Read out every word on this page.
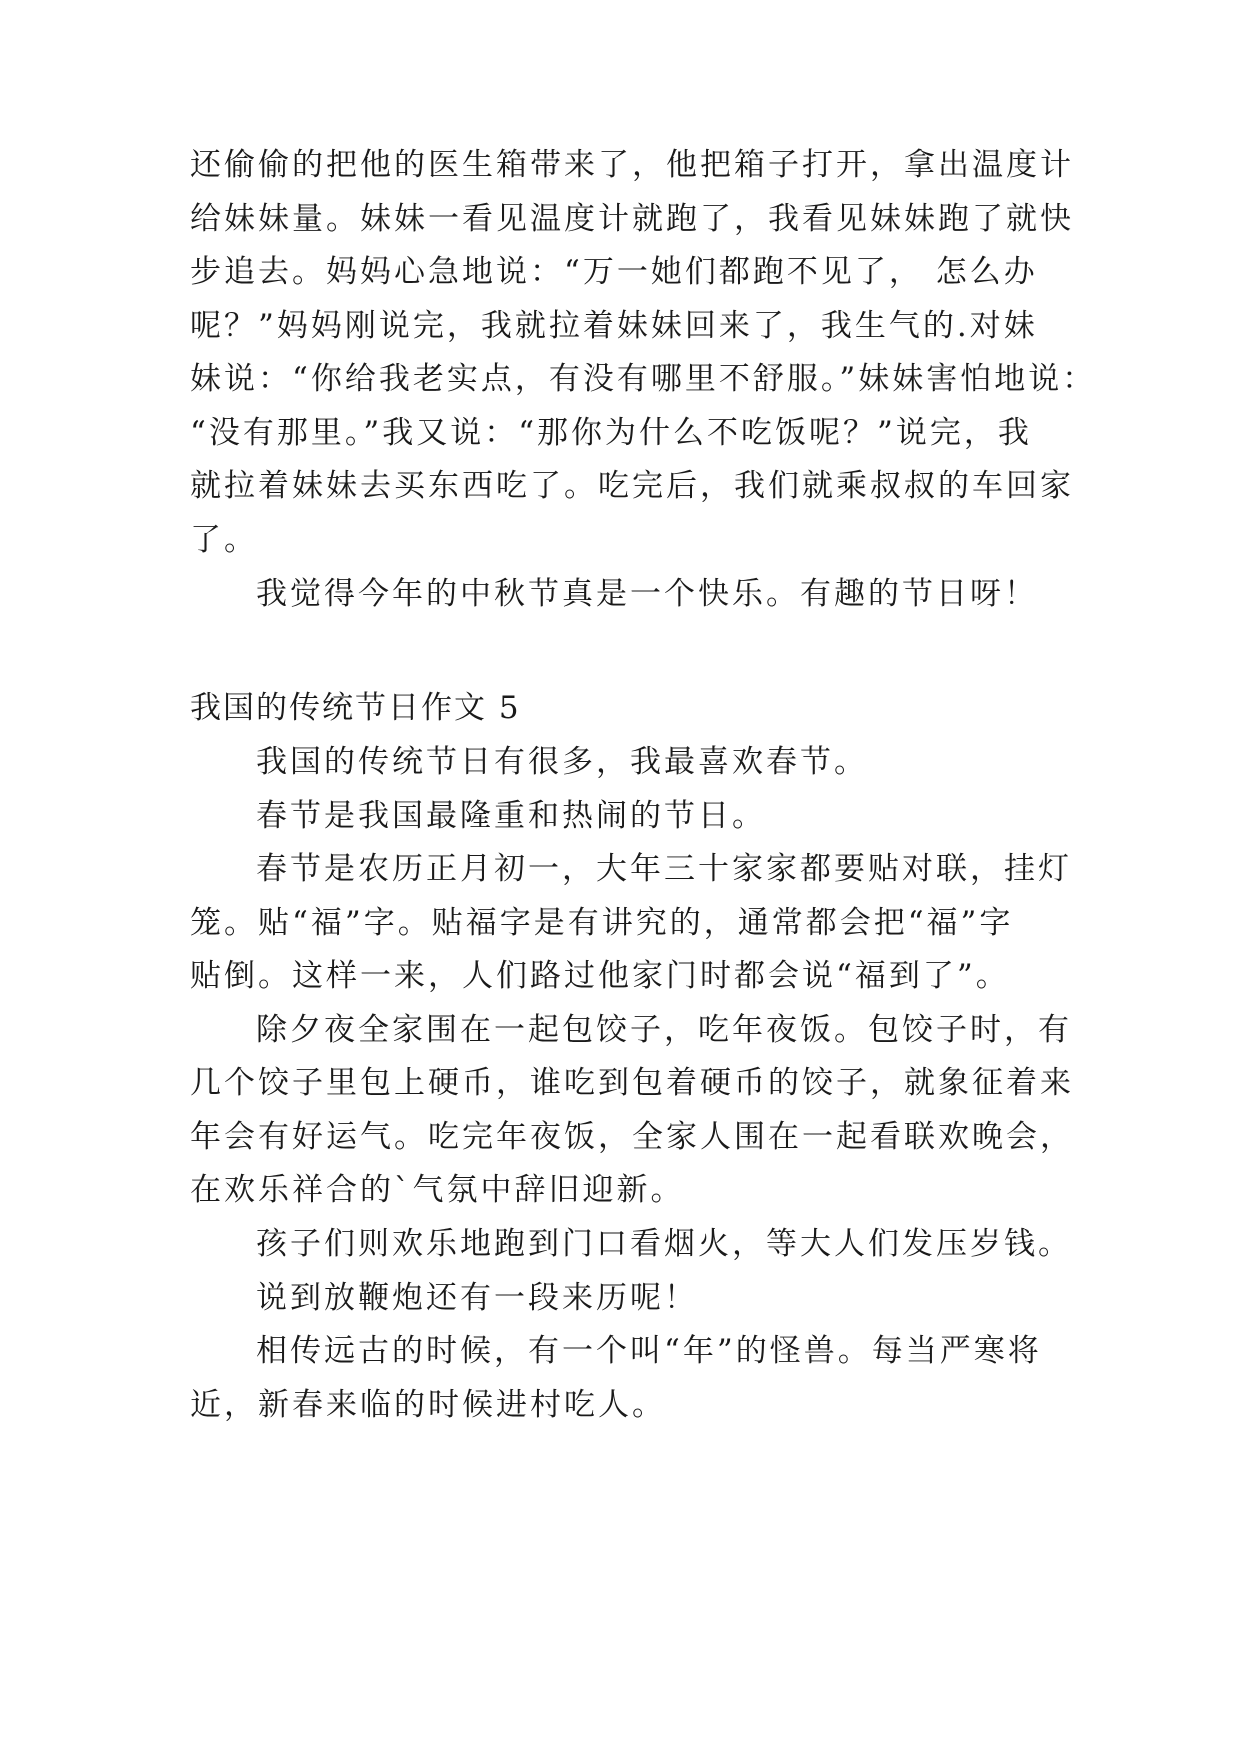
还偷偷的把他的医生箱带来了，他把箱子打开，拿出温度计
给妹妹量。妹妹一看见温度计就跑了，我看见妹妹跑了就快
步追去。妈妈心急地说：“万一她们都跑不见了， 怎么办
呢？”妈妈刚说完，我就拉着妹妹回来了，我生气的.对妹
妹说：“你给我老实点，有没有哪里不舒服。”妹妹害怕地说：
“没有那里。”我又说：“那你为什么不吃饭呢？”说完，我
就拉着妹妹去买东西吃了。吃完后，我们就乘叔叔的车回家
了。
我觉得今年的中秋节真是一个快乐。有趣的节日呀！
我国的传统节日作文 5
我国的传统节日有很多，我最喜欢春节。
春节是我国最隆重和热闹的节日。
春节是农历正月初一，大年三十家家都要贴对联，挂灯
笼。贴“福”字。贴福字是有讲究的，通常都会把“福”字
贴倒。这样一来，人们路过他家门时都会说“福到了”。
除夕夜全家围在一起包饺子，吃年夜饭。包饺子时，有
几个饺子里包上硬币，谁吃到包着硬币的饺子，就象征着来
年会有好运气。吃完年夜饭，全家人围在一起看联欢晚会，
在欢乐祥合的`气氛中辞旧迎新。
孩子们则欢乐地跑到门口看烟火，等大人们发压岁钱。
说到放鞭炮还有一段来历呢！
相传远古的时候，有一个叫“年”的怪兽。每当严寒将
近，新春来临的时候进村吃人。
